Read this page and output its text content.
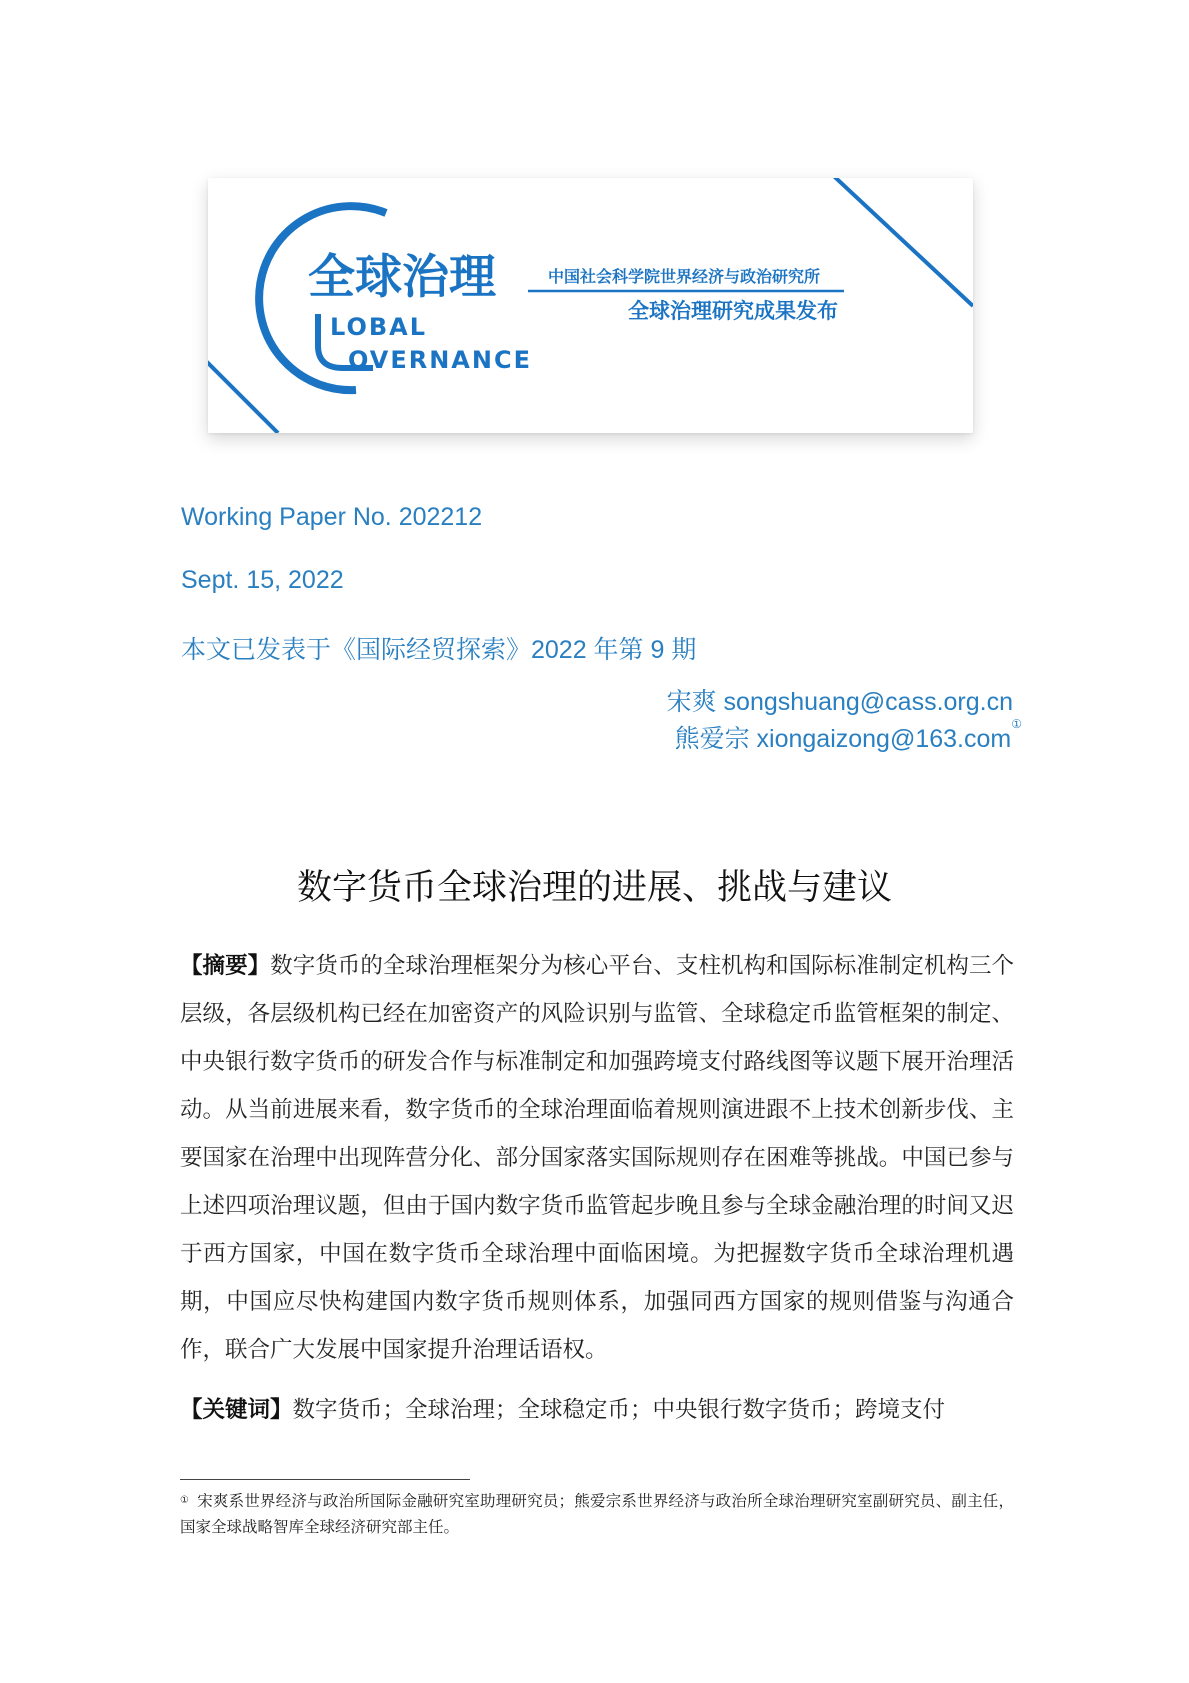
全球治理	中国社会科学院世界经济与政治研究所
全球治理研究成果发布
LOBAL
OVERNANCE
Working Paper No. 202212
Sept. 15, 2022
本文已发表于《国际经贸探索》2022 年第 9 期
宋爽 songshuang@cass.org.cn
熊爱宗 xiongaizong@163.com①
数字货币全球治理的进展、挑战与建议
【摘要】数字货币的全球治理框架分为核心平台、支柱机构和国际标准制定机构三个层级，各层级机构已经在加密资产的风险识别与监管、全球稳定币监管框架的制定、中央银行数字货币的研发合作与标准制定和加强跨境支付路线图等议题下展开治理活动。从当前进展来看，数字货币的全球治理面临着规则演进跟不上技术创新步伐、主要国家在治理中出现阵营分化、部分国家落实国际规则存在困难等挑战。中国已参与上述四项治理议题，但由于国内数字货币监管起步晚且参与全球金融治理的时间又迟于西方国家，中国在数字货币全球治理中面临困境。为把握数字货币全球治理机遇期，中国应尽快构建国内数字货币规则体系，加强同西方国家的规则借鉴与沟通合作，联合广大发展中国家提升治理话语权。
【关键词】数字货币；全球治理；全球稳定币；中央银行数字货币；跨境支付
① 宋爽系世界经济与政治所国际金融研究室助理研究员；熊爱宗系世界经济与政治所全球治理研究室副研究员、副主任，国家全球战略智库全球经济研究部主任。
